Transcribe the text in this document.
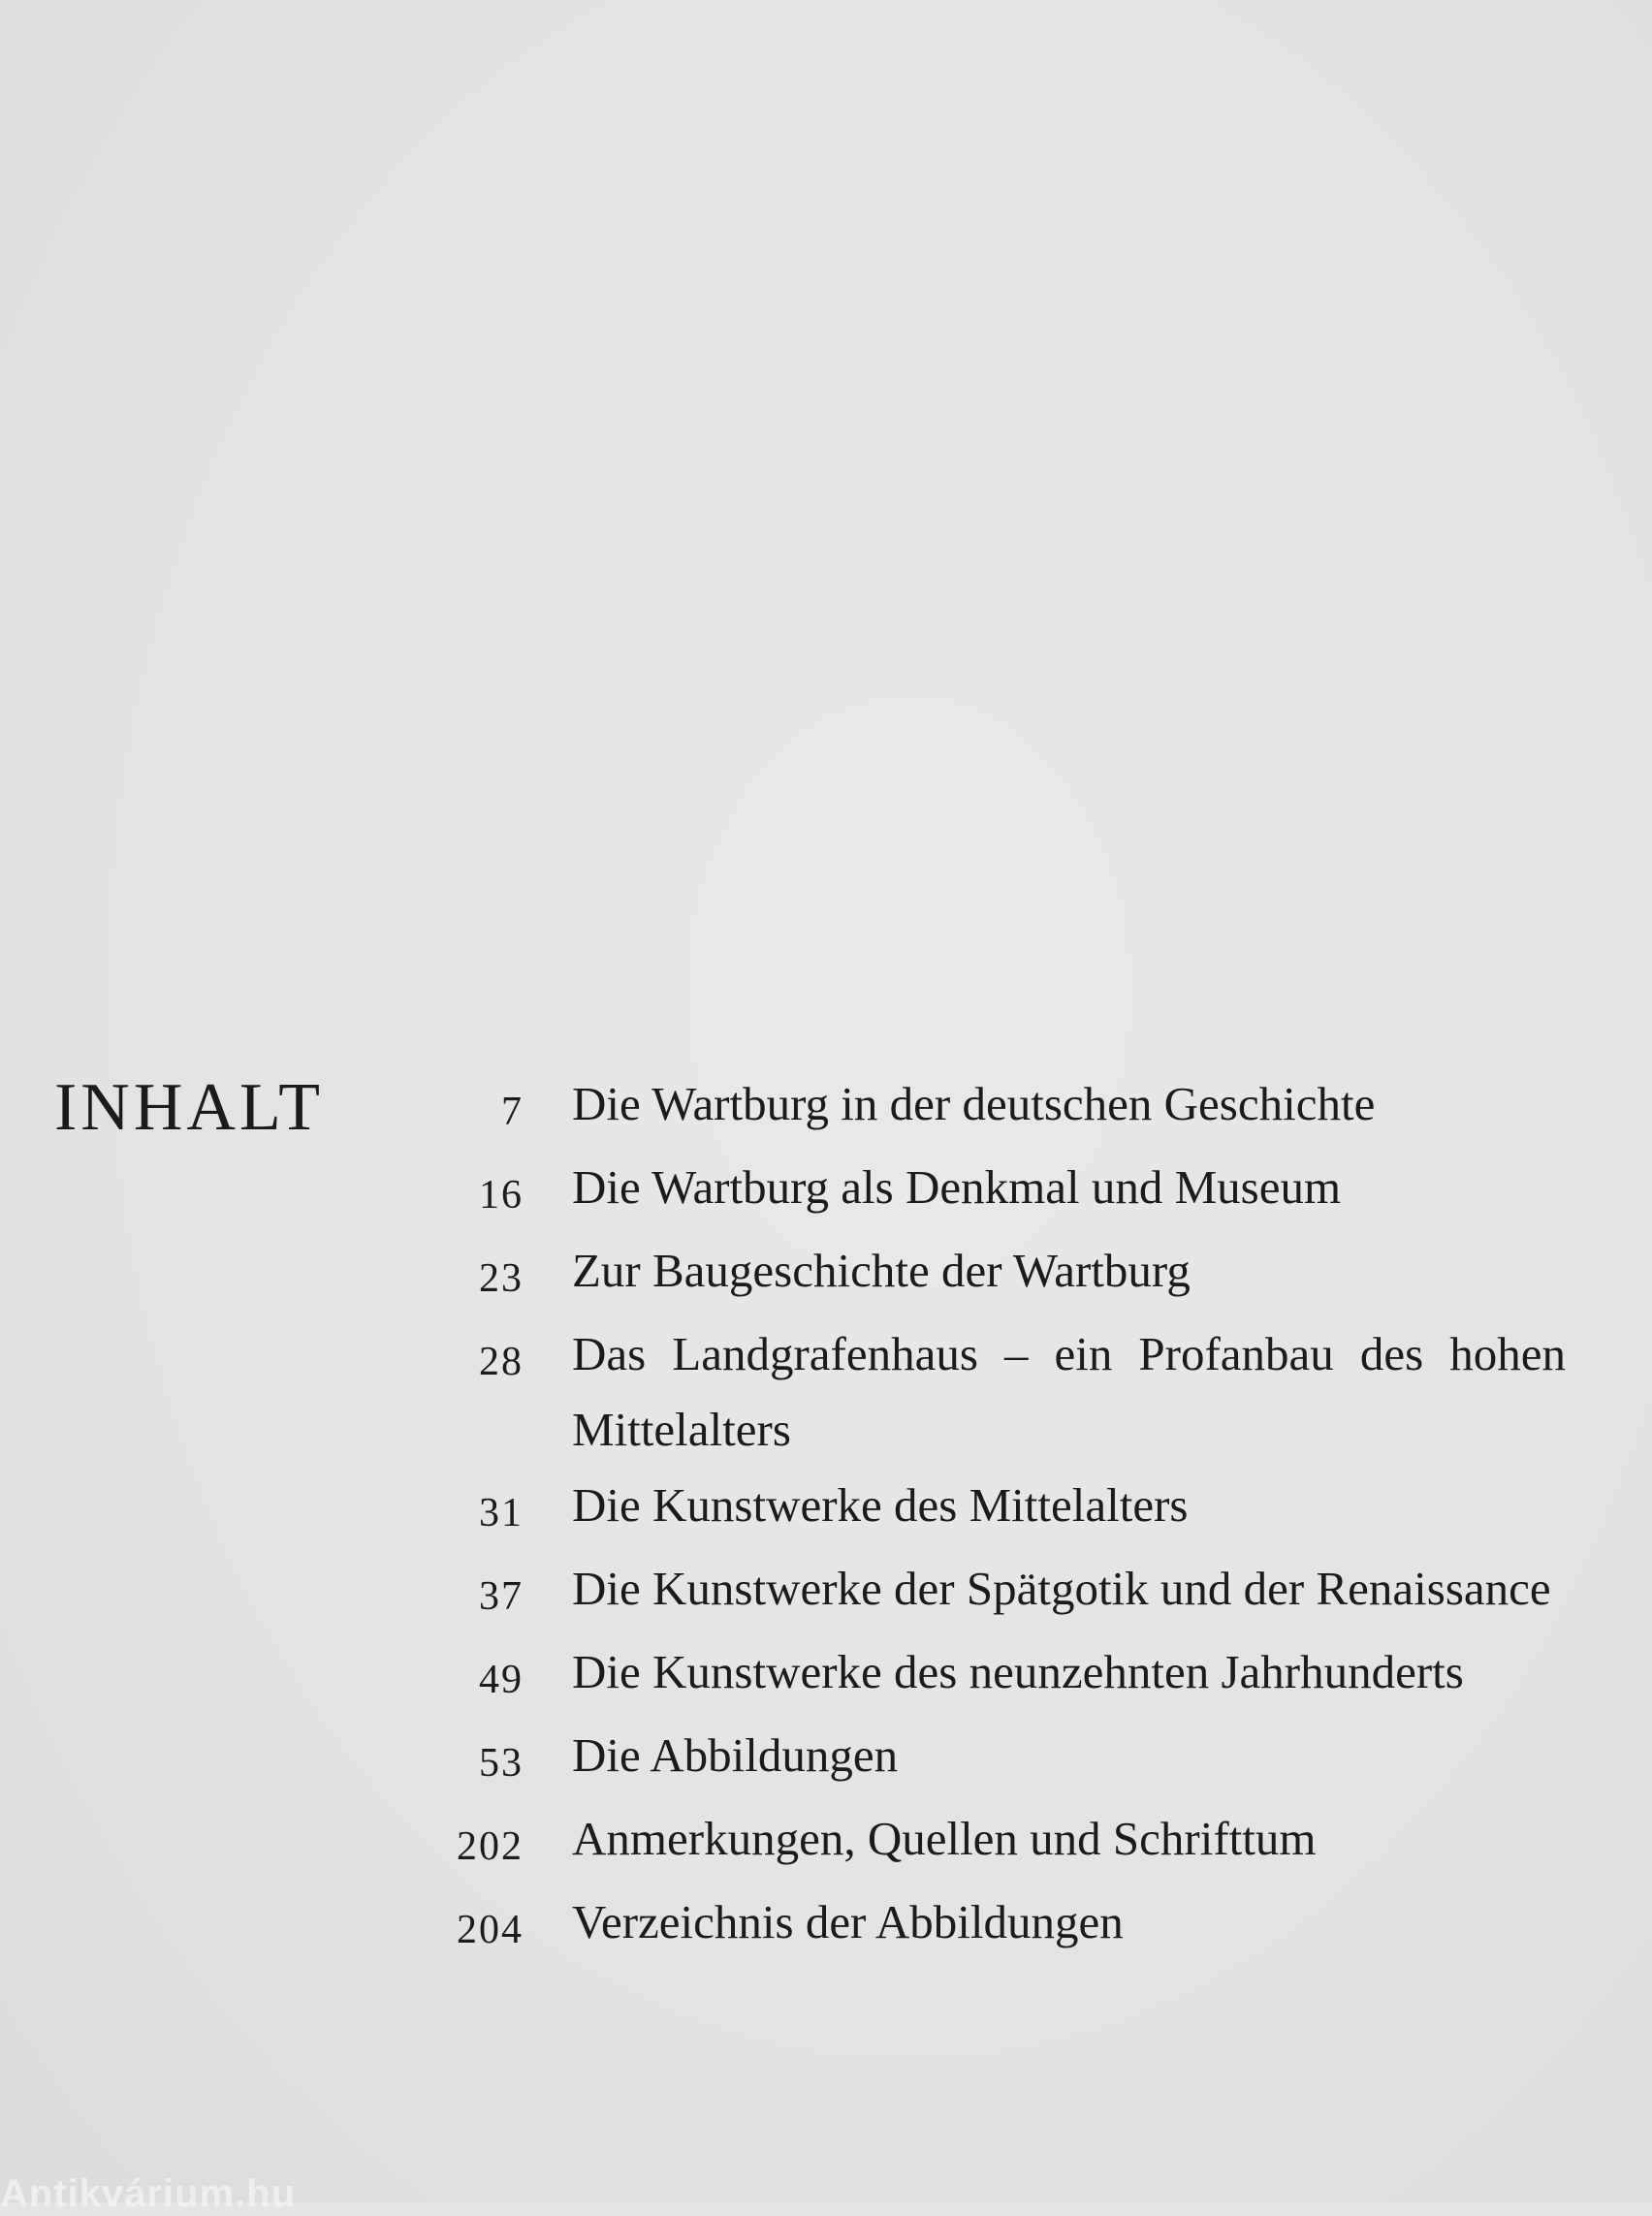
INHALT	7	Die Wartburg in der deutschen Geschichte
16	Die Wartburg als Denkmal und Museum
23	Zur Baugeschichte der Wartburg
28 Das Landgrafenhaus – ein Profanbau des hohen Mittelalters
31	Die Kunstwerke des Mittelalters
37 Die Kunstwerke der Spätgotik und der Renaissance
49 Die Kunstwerke des neunzehnten Jahrhunderts
53	Die Abbildungen
202	Anmerkungen, Quellen und Schrifttum
204	Verzeichnis der Abbildungen
Antikvárium.hu
